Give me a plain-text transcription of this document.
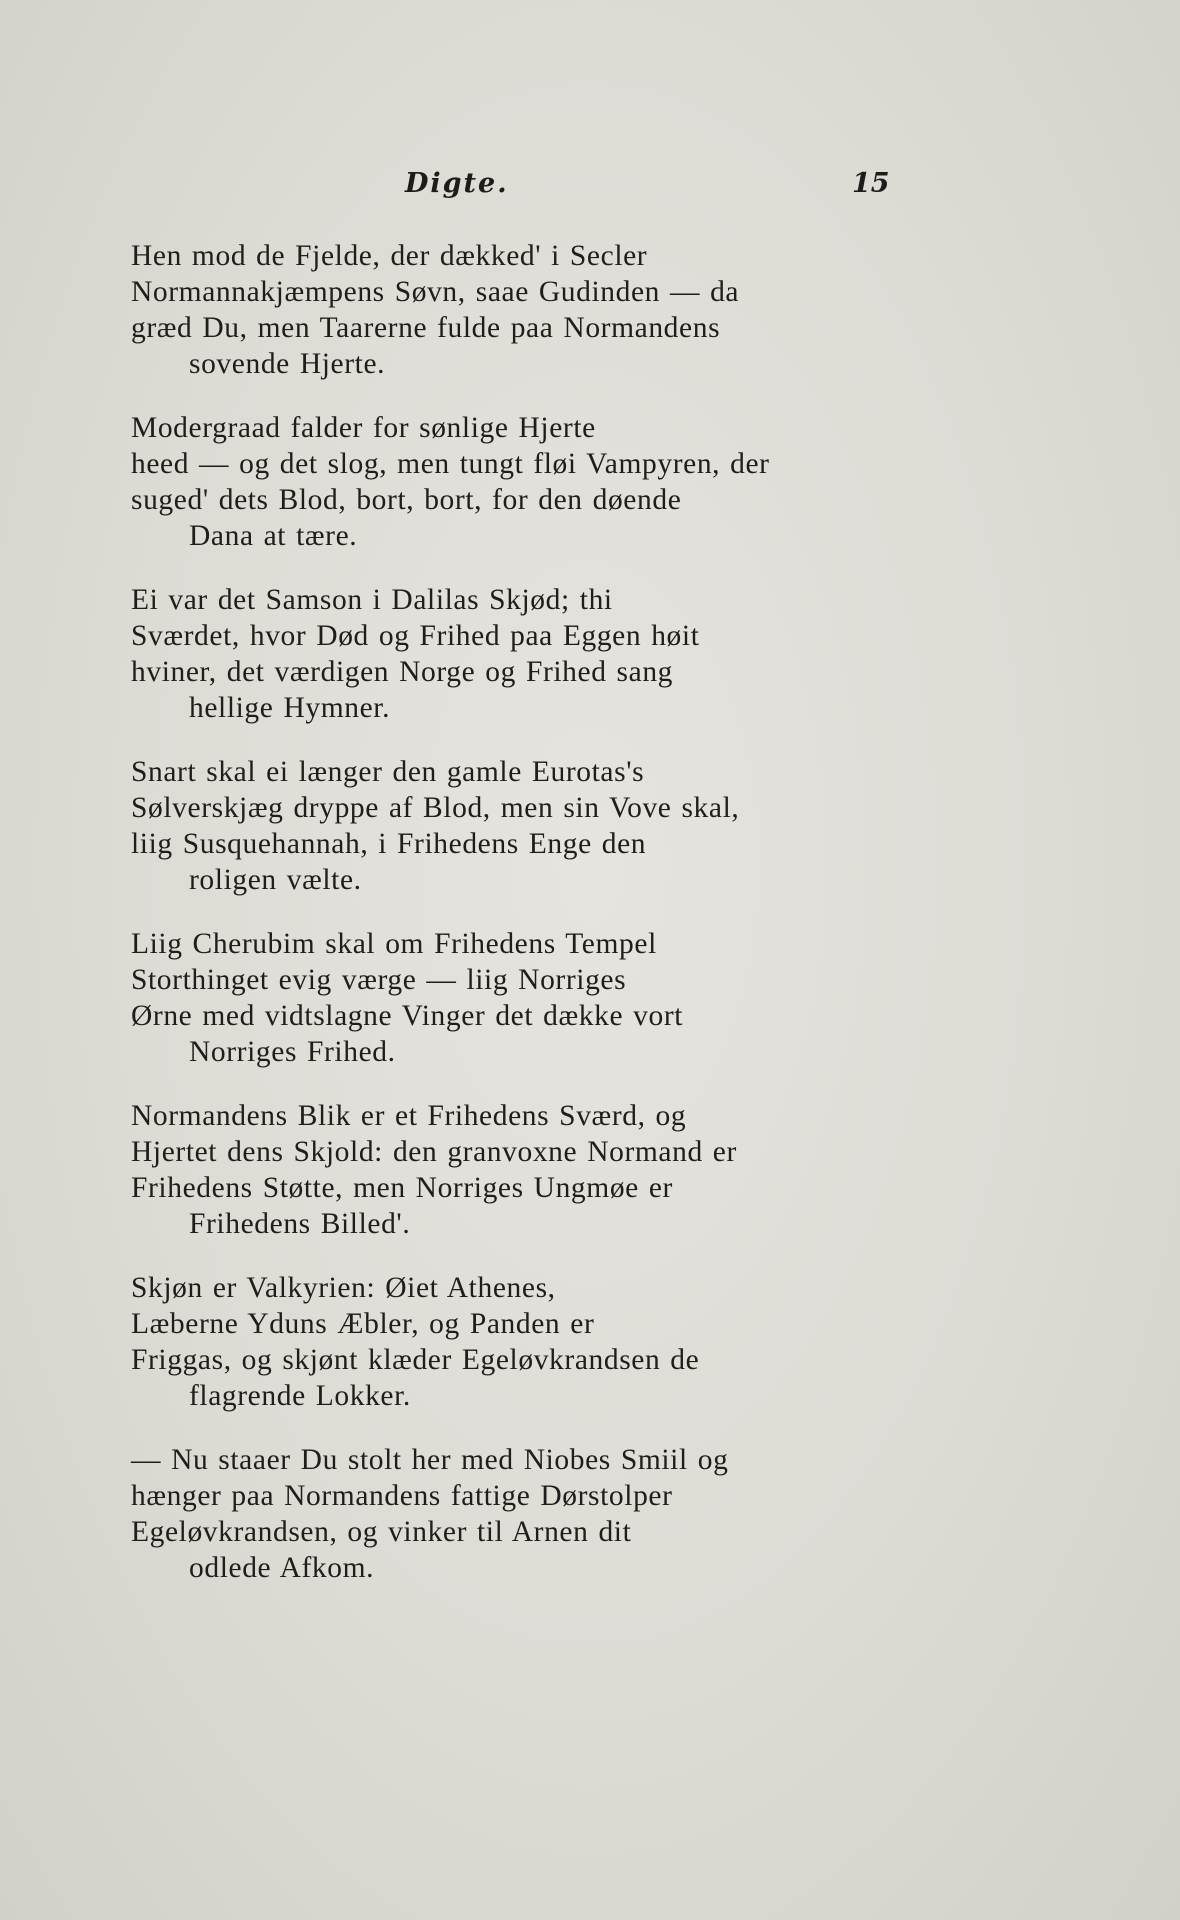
Digte.	15
Hen mod de Fjelde, der dækked' i Secler
Normannakjæmpens Søvn, saae Gudinden — da
græd Du, men Taarerne fulde paa Normandens
sovende Hjerte.
Modergraad falder for sønlige Hjerte
heed — og det slog, men tungt fløi Vampyren, der
suged' dets Blod, bort, bort, for den døende
Dana at tære.
Ei var det Samson i Dalilas Skjød; thi
Sværdet, hvor Død og Frihed paa Eggen høit
hviner, det værdigen Norge og Frihed sang
hellige Hymner.
Snart skal ei længer den gamle Eurotas's
Sølverskjæg dryppe af Blod, men sin Vove skal,
liig Susquehannah, i Frihedens Enge den
roligen vælte.
Liig Cherubim skal om Frihedens Tempel
Storthinget evig værge — liig Norriges
Ørne med vidtslagne Vinger det dække vort
Norriges Frihed.
Normandens Blik er et Frihedens Sværd, og
Hjertet dens Skjold: den granvoxne Normand er
Frihedens Støtte, men Norriges Ungmøe er
Frihedens Billed'.
Skjøn er Valkyrien: Øiet Athenes,
Læberne Yduns Æbler, og Panden er
Friggas, og skjønt klæder Egeløvkrandsen de
flagrende Lokker.
— Nu staaer Du stolt her med Niobes Smiil og
hænger paa Normandens fattige Dørstolper
Egeløvkrandsen, og vinker til Arnen dit
odlede Afkom.
